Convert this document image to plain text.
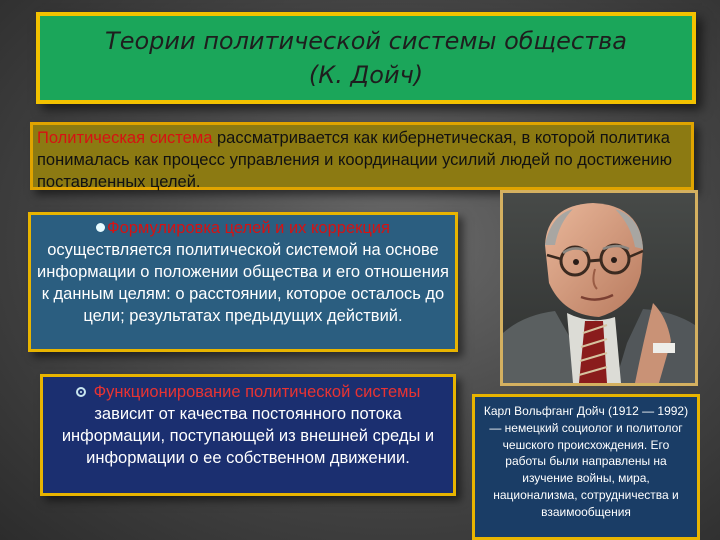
Теории политической системы общества
(К. Дойч)
Политическая система рассматривается как кибернетическая, в которой политика понималась как процесс управления и координации усилий людей по достижению поставленных целей.
Формулировка целей и их коррекция
осуществляется политической системой на основе информации о положении общества и его отношения к данным целям: о расстоянии, которое осталось до цели; результатах предыдущих действий.
Функционирование политической системы зависит от качества постоянного потока информации, поступающей из внешней среды и информации о ее собственном движении.
Карл Вольфганг Дойч (1912 — 1992) — немецкий социолог и политолог чешского происхождения. Его работы были направлены на изучение войны, мира, национализма, сотрудничества и взаимообщения
